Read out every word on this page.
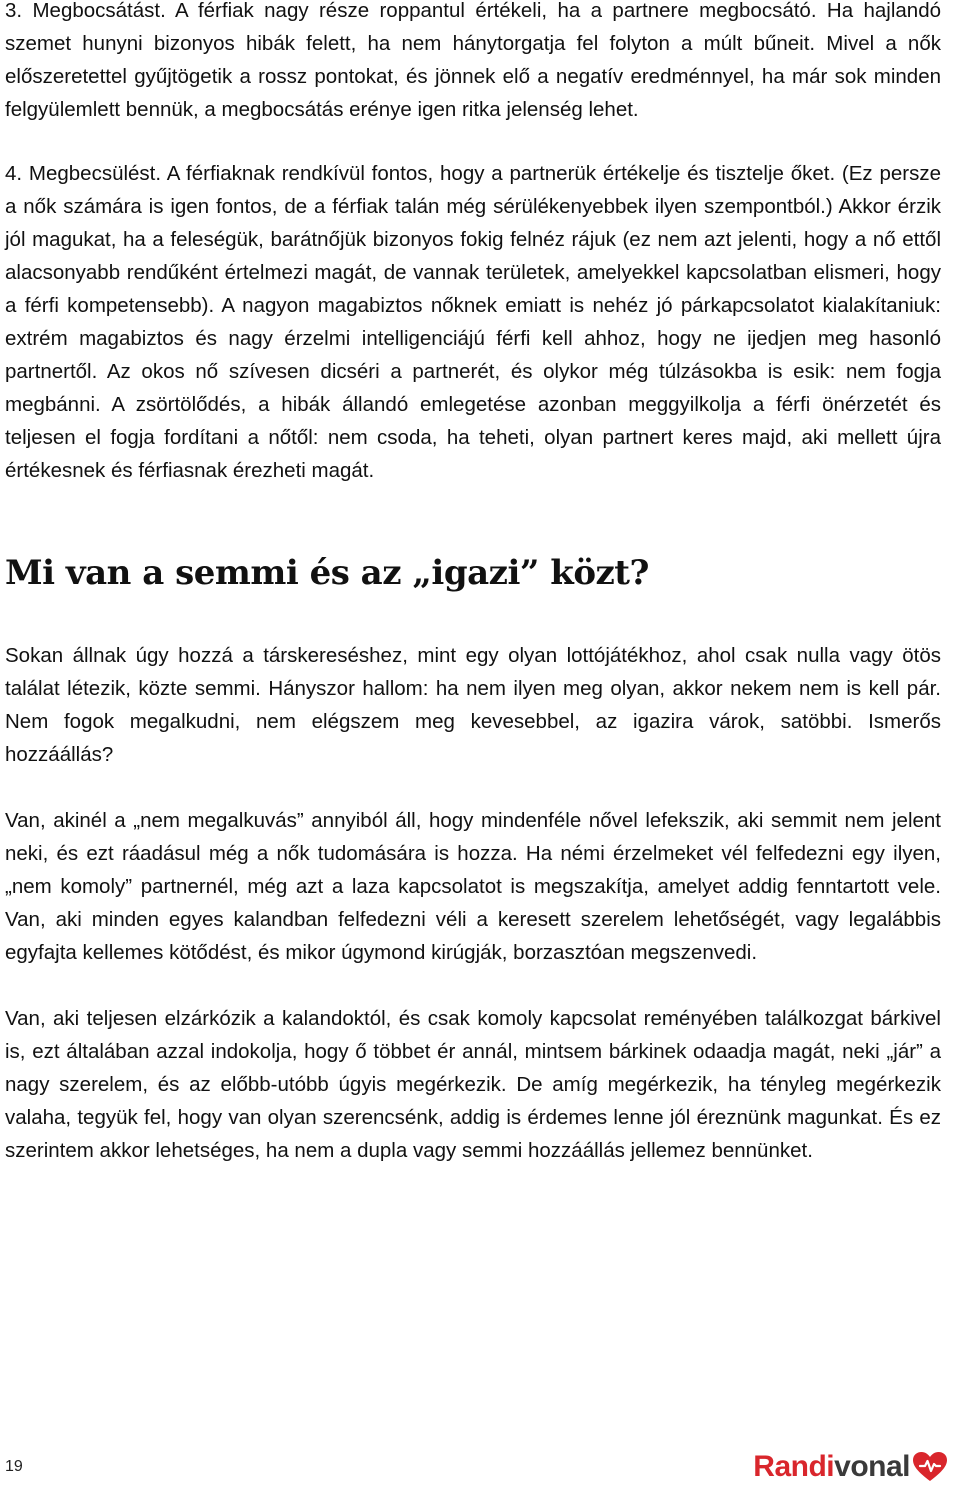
3. Megbocsátást. A férfiak nagy része roppantul értékeli, ha a partnere megbocsátó. Ha hajlandó szemet hunyni bizonyos hibák felett, ha nem hánytorgatja fel folyton a múlt bűneit. Mivel a nők előszeretettel gyűjtögetik a rossz pontokat, és jönnek elő a negatív eredménnyel, ha már sok minden felgyülemlett bennük, a megbocsátás erénye igen ritka jelenség lehet.

4. Megbecsülést. A férfiaknak rendkívül fontos, hogy a partnerük értékelje és tisztelje őket. (Ez persze a nők számára is igen fontos, de a férfiak talán még sérülékenyebbek ilyen szempontból.) Akkor érzik jól magukat, ha a feleségük, barátnőjük bizonyos fokig felnéz rájuk (ez nem azt jelenti, hogy a nő ettől alacsonyabb rendűként értelmezi magát, de vannak területek, amelyekkel kapcsolatban elismeri, hogy a férfi kompetensebb). A nagyon magabiztos nőknek emiatt is nehéz jó párkapcsolatot kialakítaniuk: extrém magabiztos és nagy érzelmi intelligenciájú férfi kell ahhoz, hogy ne ijedjen meg hasonló partnertől. Az okos nő szívesen dicséri a partnerét, és olykor még túlzásokba is esik: nem fogja megbánni. A zsörtölődés, a hibák állandó emlegetése azonban meggyilkolja a férfi önérzetét és teljesen el fogja fordítani a nőtől: nem csoda, ha teheti, olyan partnert keres majd, aki mellett újra értékesnek és férfiasnak érezheti magát.

Mi van a semmi és az „igazi” közt?

Sokan állnak úgy hozzá a társkereséshez, mint egy olyan lottójátékhoz, ahol csak nulla vagy ötös találat létezik, közte semmi. Hányszor hallom: ha nem ilyen meg olyan, akkor nekem nem is kell pár. Nem fogok megalkudni, nem elégszem meg kevesebbel, az igazira várok, satöbbi. Ismerős hozzáállás?

Van, akinél a „nem megalkuvás” annyiból áll, hogy mindenféle nővel lefekszik, aki semmit nem jelent neki, és ezt ráadásul még a nők tudomására is hozza. Ha némi érzelmeket vél felfedezni egy ilyen, „nem komoly” partnernél, még azt a laza kapcsolatot is megszakítja, amelyet addig fenntartott vele. Van, aki minden egyes kalandban felfedezni véli a keresett szerelem lehetőségét, vagy legalábbis egyfajta kellemes kötődést, és mikor úgymond kirúgják, borzasztóan megszenvedi.

Van, aki teljesen elzárkózik a kalandoktól, és csak komoly kapcsolat reményében találkozgat bárkivel is, ezt általában azzal indokolja, hogy ő többet ér annál, mintsem bárkinek odaadja magát, neki „jár” a nagy szerelem, és az előbb-utóbb úgyis megérkezik. De amíg megérkezik, ha tényleg megérkezik valaha, tegyük fel, hogy van olyan szerencsénk, addig is érdemes lenne jól éreznünk magunkat. És ez szerintem akkor lehetséges, ha nem a dupla vagy semmi hozzáállás jellemez bennünket.

19	Randi vonal
